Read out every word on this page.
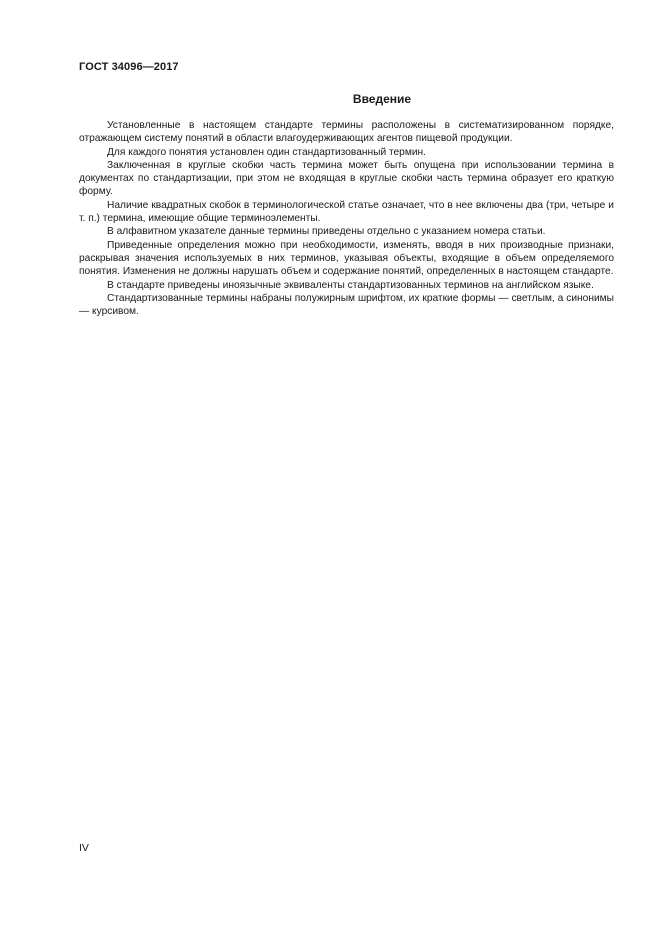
ГОСТ 34096—2017
Введение

Установленные в настоящем стандарте термины расположены в систематизированном порядке, отражающем систему понятий в области влагоудерживающих агентов пищевой продукции.

Для каждого понятия установлен один стандартизованный термин.

Заключенная в круглые скобки часть термина может быть опущена при использовании термина в документах по стандартизации, при этом не входящая в круглые скобки часть термина образует его краткую форму.

Наличие квадратных скобок в терминологической статье означает, что в нее включены два (три, четыре и т. п.) термина, имеющие общие терминоэлементы.

В алфавитном указателе данные термины приведены отдельно с указанием номера статьи.

Приведенные определения можно при необходимости, изменять, вводя в них производные признаки, раскрывая значения используемых в них терминов, указывая объекты, входящие в объем определяемого понятия. Изменения не должны нарушать объем и содержание понятий, определенных в настоящем стандарте.

В стандарте приведены иноязычные эквиваленты стандартизованных терминов на английском языке.

Стандартизованные термины набраны полужирным шрифтом, их краткие формы — светлым, а синонимы — курсивом.

IV
